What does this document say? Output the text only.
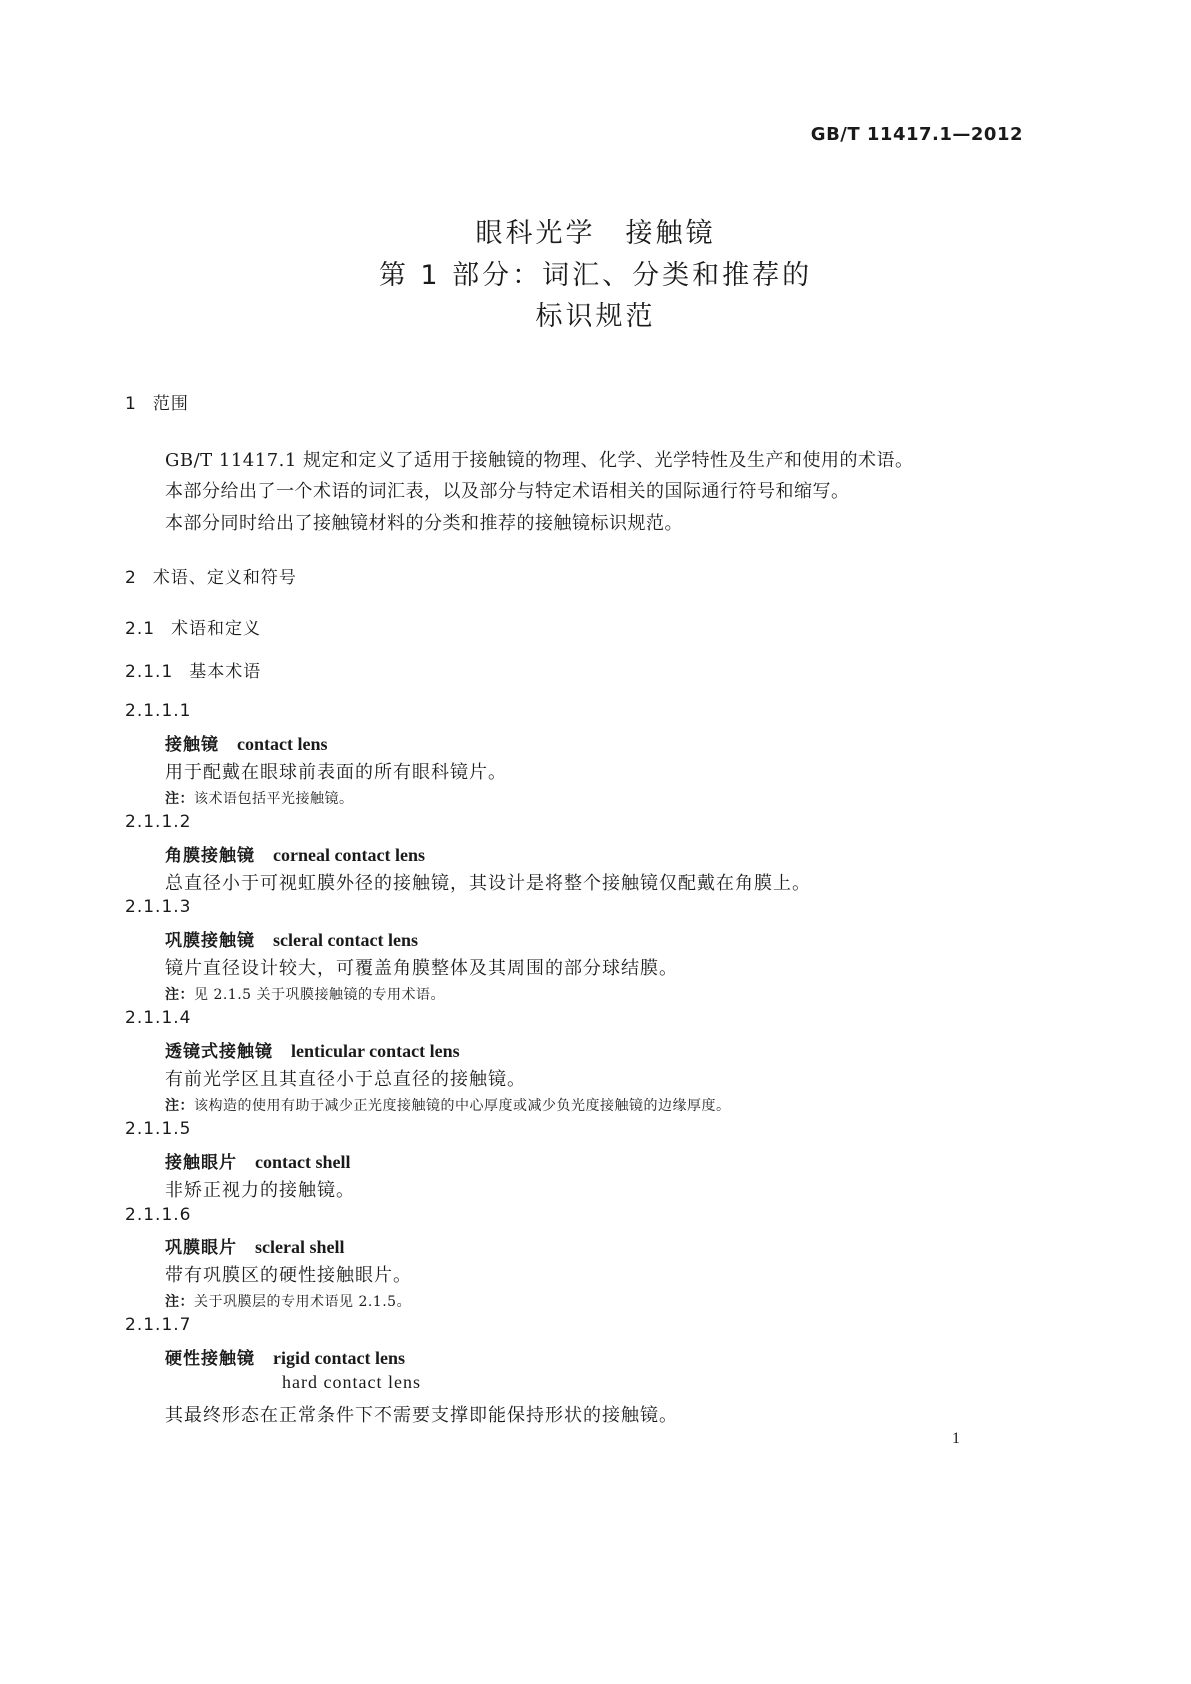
GB/T 11417.1—2012
眼科光学　接触镜
第 1 部分：词汇、分类和推荐的
标识规范
1 范围
GB/T 11417.1 规定和定义了适用于接触镜的物理、化学、光学特性及生产和使用的术语。
本部分给出了一个术语的词汇表，以及部分与特定术语相关的国际通行符号和缩写。
本部分同时给出了接触镜材料的分类和推荐的接触镜标识规范。
2 术语、定义和符号
2.1 术语和定义
2.1.1 基本术语
2.1.1.1
接触镜 contact lens
用于配戴在眼球前表面的所有眼科镜片。
注：该术语包括平光接触镜。
2.1.1.2
角膜接触镜 corneal contact lens
总直径小于可视虹膜外径的接触镜，其设计是将整个接触镜仅配戴在角膜上。
2.1.1.3
巩膜接触镜 scleral contact lens
镜片直径设计较大，可覆盖角膜整体及其周围的部分球结膜。
注：见 2.1.5 关于巩膜接触镜的专用术语。
2.1.1.4
透镜式接触镜 lenticular contact lens
有前光学区且其直径小于总直径的接触镜。
注：该构造的使用有助于减少正光度接触镜的中心厚度或减少负光度接触镜的边缘厚度。
2.1.1.5
接触眼片 contact shell
非矫正视力的接触镜。
2.1.1.6
巩膜眼片 scleral shell
带有巩膜区的硬性接触眼片。
注：关于巩膜层的专用术语见 2.1.5。
2.1.1.7
硬性接触镜 rigid contact lens
hard contact lens
其最终形态在正常条件下不需要支撑即能保持形状的接触镜。
1
